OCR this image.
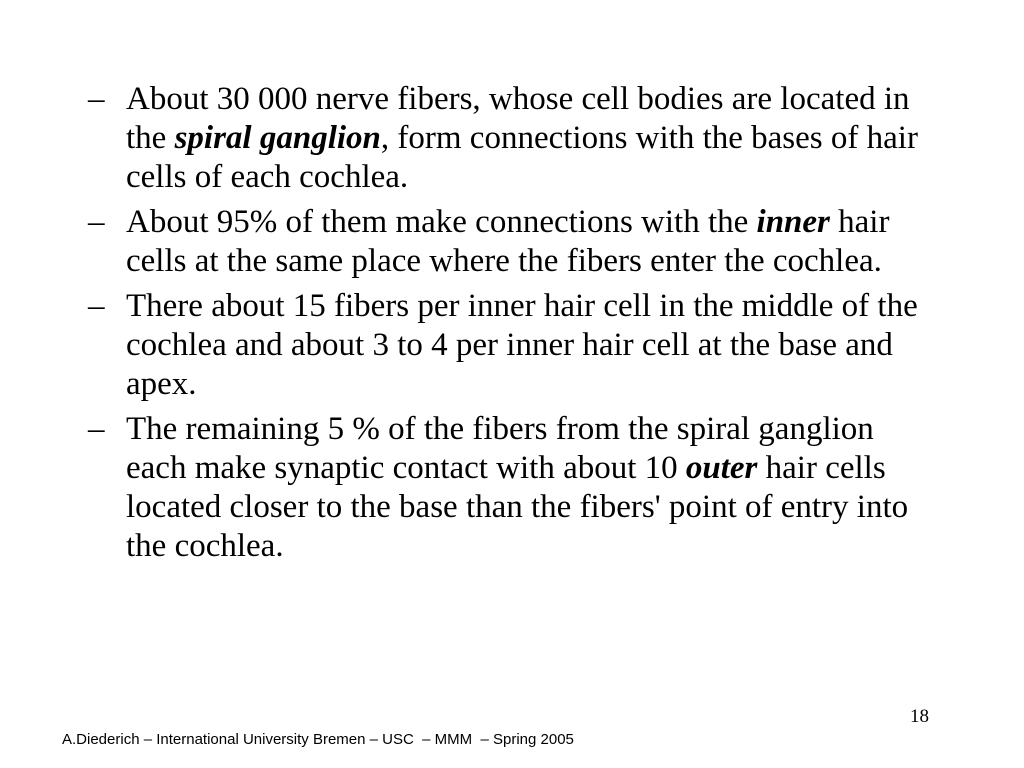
– About 30 000 nerve fibers, whose cell bodies are located in the spiral ganglion, form connections with the bases of hair cells of each cochlea.
– About 95% of them make connections with the inner hair cells at the same place where the fibers enter the cochlea.
– There about 15 fibers per inner hair cell in the middle of the cochlea and about 3 to 4 per inner hair cell at the base and apex.
– The remaining 5 % of the fibers from the spiral ganglion each make synaptic contact with about 10 outer hair cells located closer to the base than the fibers' point of entry into the cochlea.
18
A.Diederich – International University Bremen – USC  – MMM  – Spring 2005
